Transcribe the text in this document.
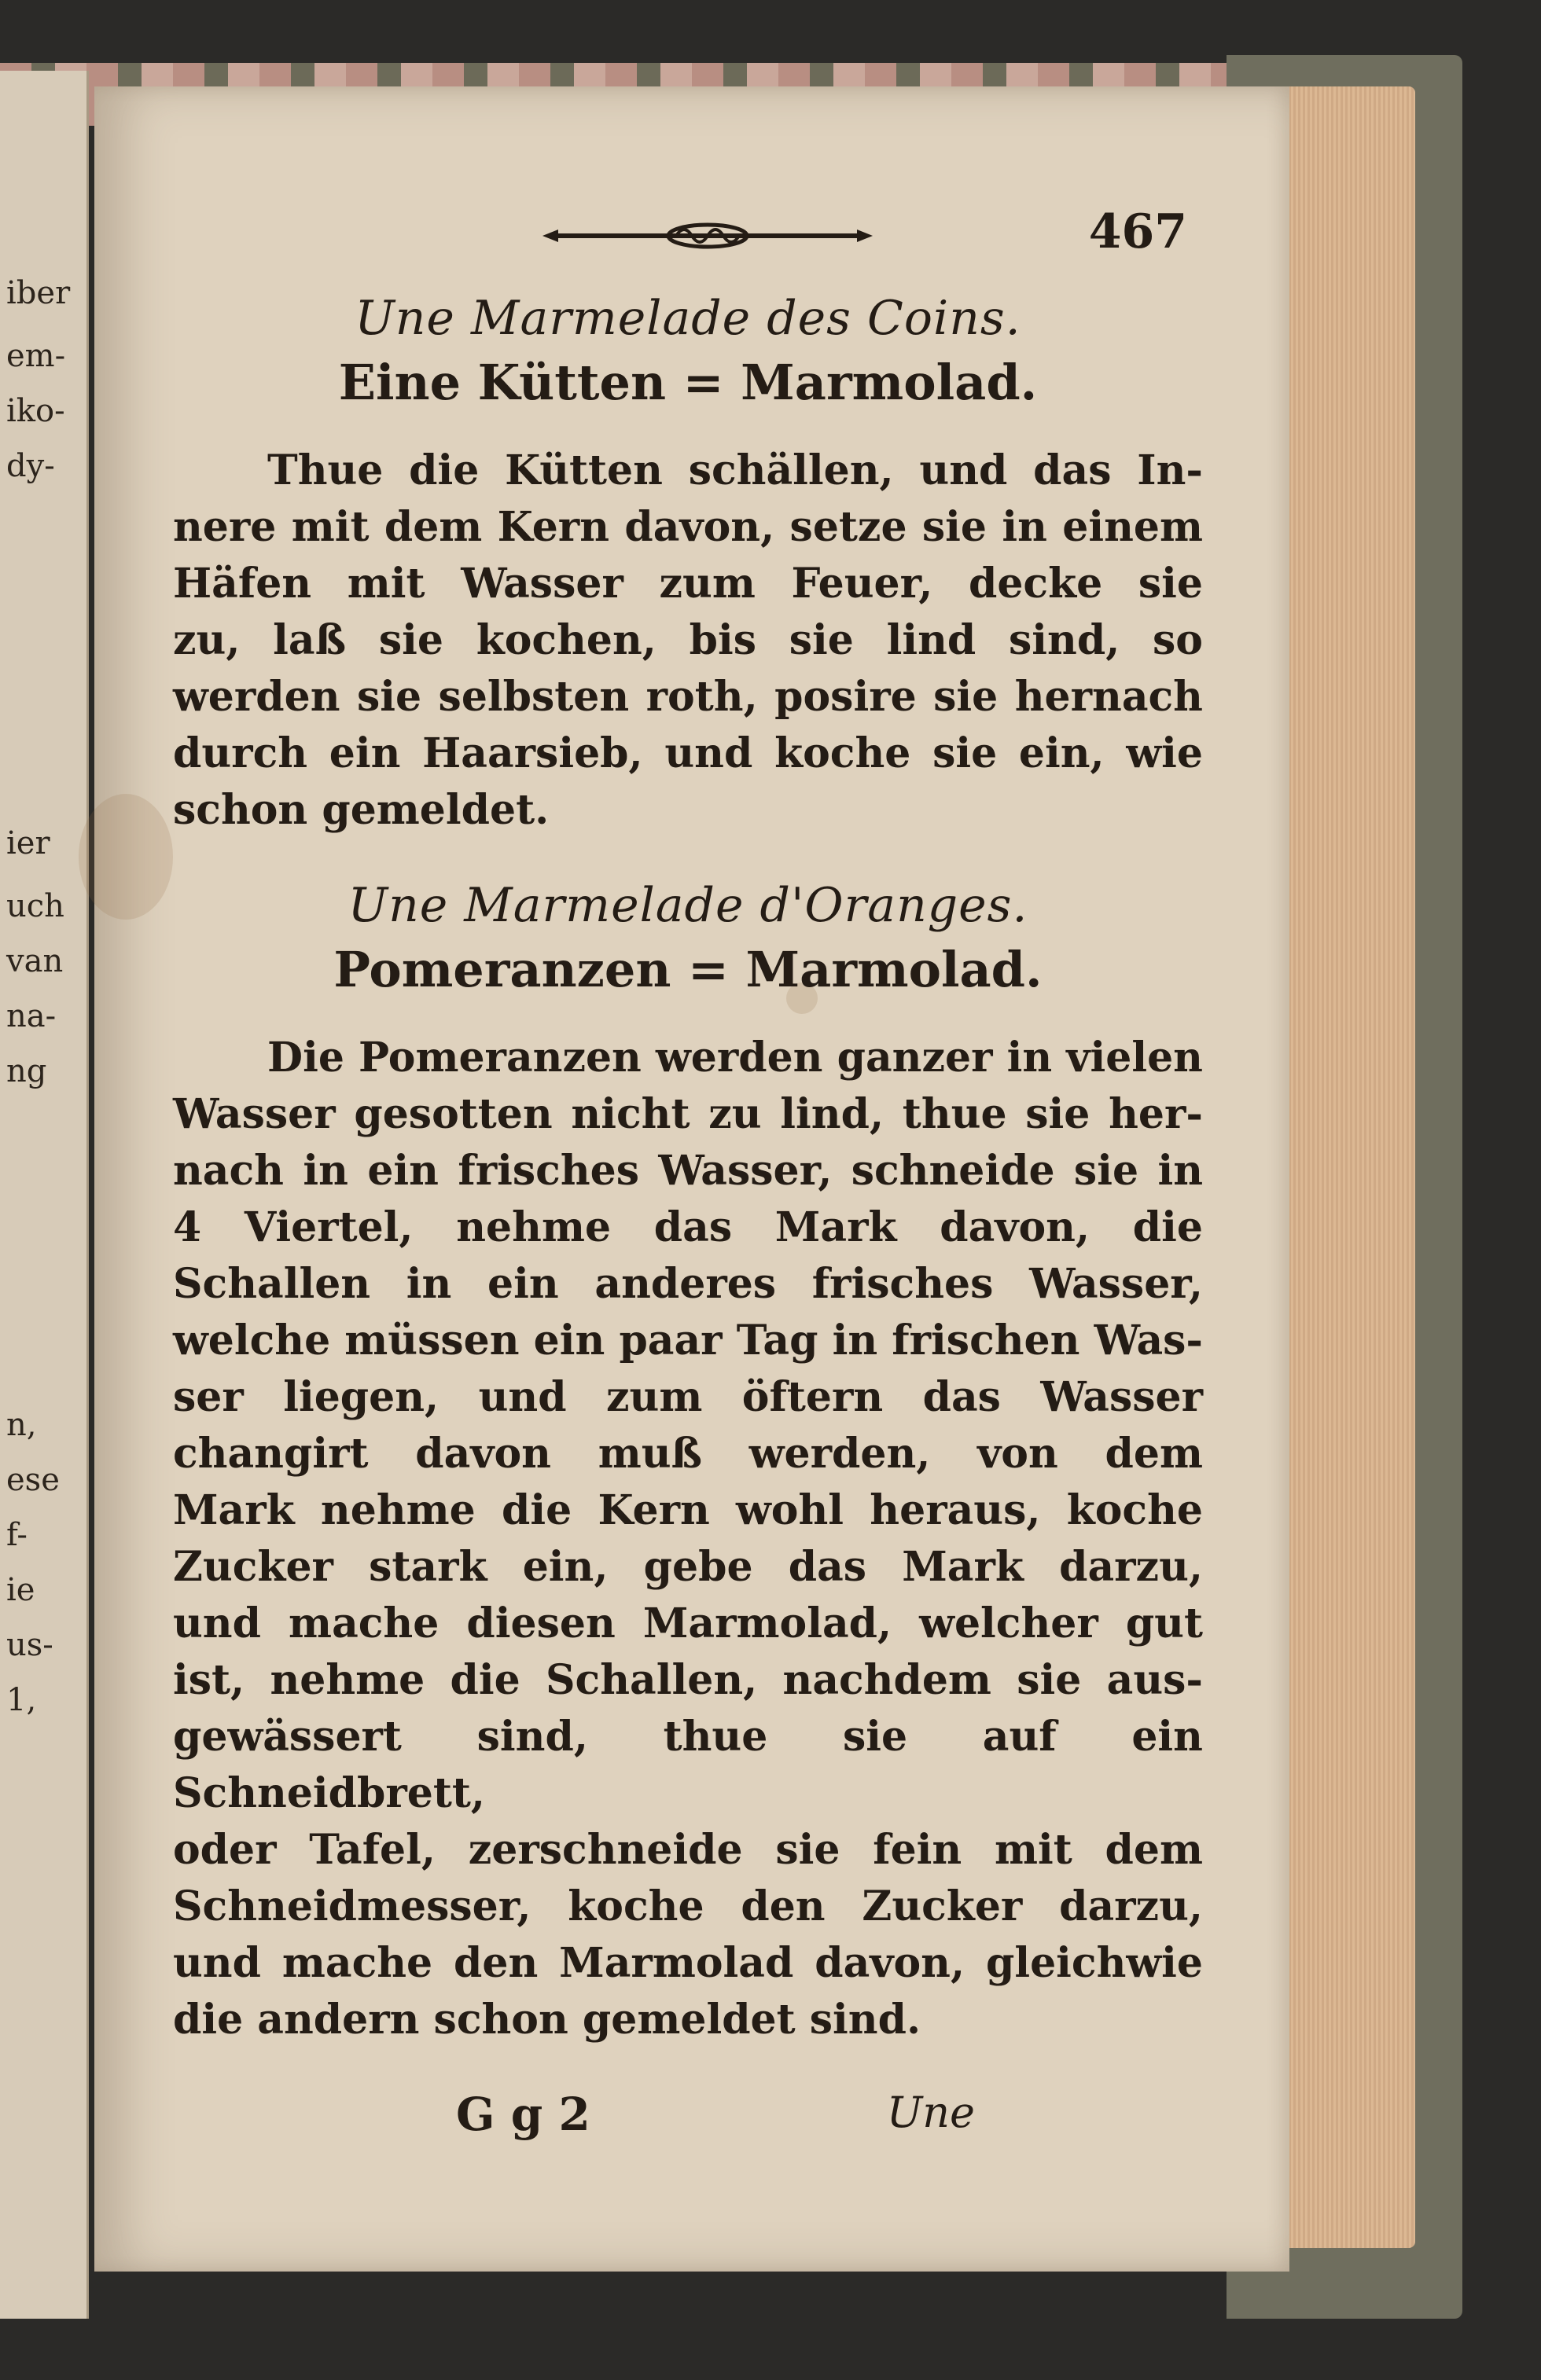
iber
em-
iko-
dy-
ier
uch
van
na-
ng
n,
ese
f-
ie
us-
1,
467
Une Marmelade des Coins.
Eine Kütten = Marmolad.
Thue die Kütten schällen, und das In-
nere mit dem Kern davon, setze sie in einem
Häfen mit Wasser zum Feuer, decke sie
zu, laß sie kochen, bis sie lind sind, so
werden sie selbsten roth, posire sie hernach
durch ein Haarsieb, und koche sie ein, wie
schon gemeldet.
Une Marmelade d'Oranges.
Pomeranzen = Marmolad.
Die Pomeranzen werden ganzer in vielen
Wasser gesotten nicht zu lind, thue sie her-
nach in ein frisches Wasser, schneide sie in
4 Viertel, nehme das Mark davon, die
Schallen in ein anderes frisches Wasser,
welche müssen ein paar Tag in frischen Was-
ser liegen, und zum öftern das Wasser
changirt davon muß werden, von dem
Mark nehme die Kern wohl heraus, koche
Zucker stark ein, gebe das Mark darzu,
und mache diesen Marmolad, welcher gut
ist, nehme die Schallen, nachdem sie aus-
gewässert sind, thue sie auf ein Schneidbrett,
oder Tafel, zerschneide sie fein mit dem
Schneidmesser, koche den Zucker darzu,
und mache den Marmolad davon, gleichwie
die andern schon gemeldet sind.
G g 2	Une
